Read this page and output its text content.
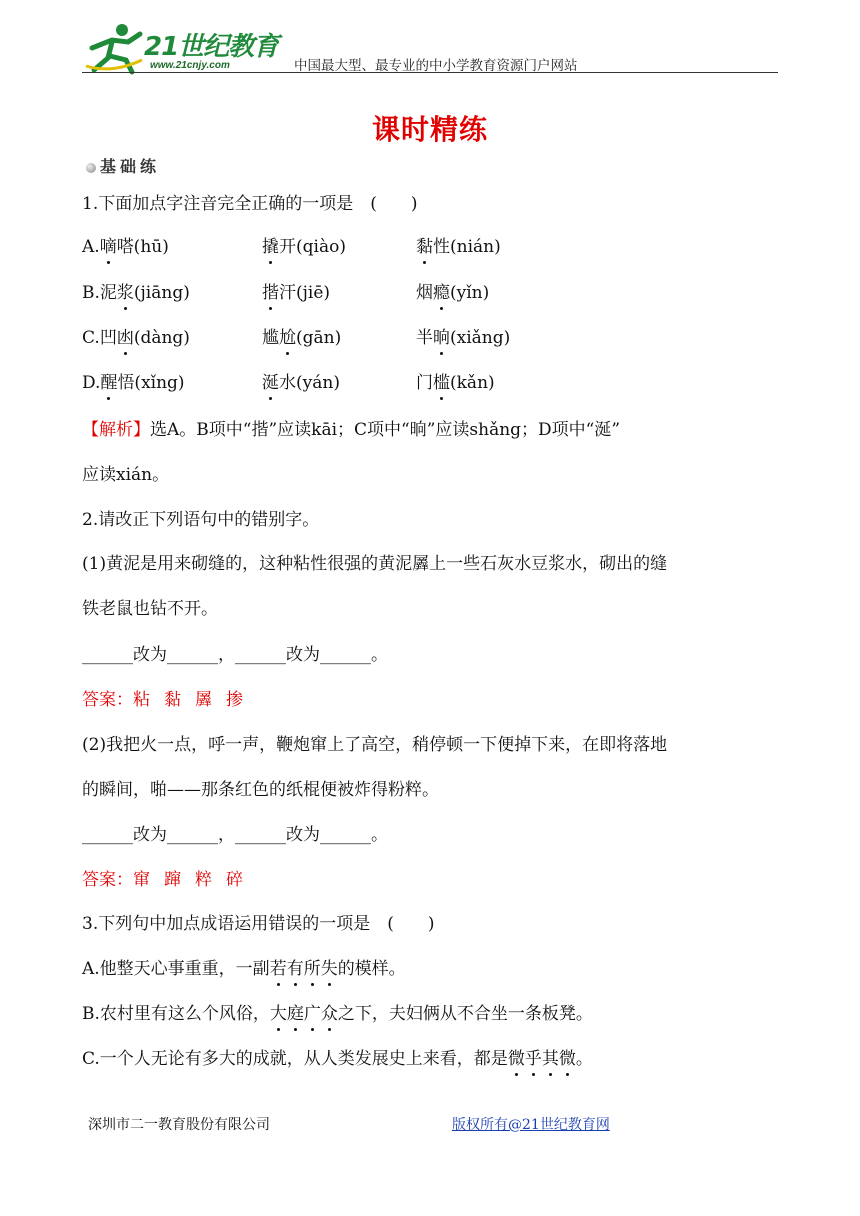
21世纪教育
www.21cnjy.com	中国最大型、最专业的中小学教育资源门户网站
课时精练
基础练
1.下面加点字注音完全正确的一项是　(　　)
A.嘀嗒(hū)	撬开(qiào)	黏性(nián)
B.泥浆(jiāng)	揩汗(jiē)	烟瘾(yǐn)
C.凹凼(dàng)	尴尬(gān)	半晌(xiǎng)
D.醒悟(xǐng)	涎水(yán)	门槛(kǎn)
【解析】选A。B项中“揩”应读kāi；C项中“晌”应读shǎng；D项中“涎”
应读xián。
2.请改正下列语句中的错别字。
(1)黄泥是用来砌缝的，这种粘性很强的黄泥羼上一些石灰水豆浆水，砌出的缝
铁老鼠也钻不开。
______改为______，______改为______。
答案：粘黏羼掺
(2)我把火一点，呼一声，鞭炮窜上了高空，稍停顿一下便掉下来，在即将落地
的瞬间，啪——那条红色的纸棍便被炸得粉粹。
______改为______，______改为______。
答案：窜蹿粹碎
3.下列句中加点成语运用错误的一项是　(　　)
A.他整天心事重重，一副若有所失的模样。
B.农村里有这么个风俗，大庭广众之下，夫妇俩从不合坐一条板凳。
C.一个人无论有多大的成就，从人类发展史上来看，都是微乎其微。
深圳市二一教育股份有限公司	版权所有@21世纪教育网
